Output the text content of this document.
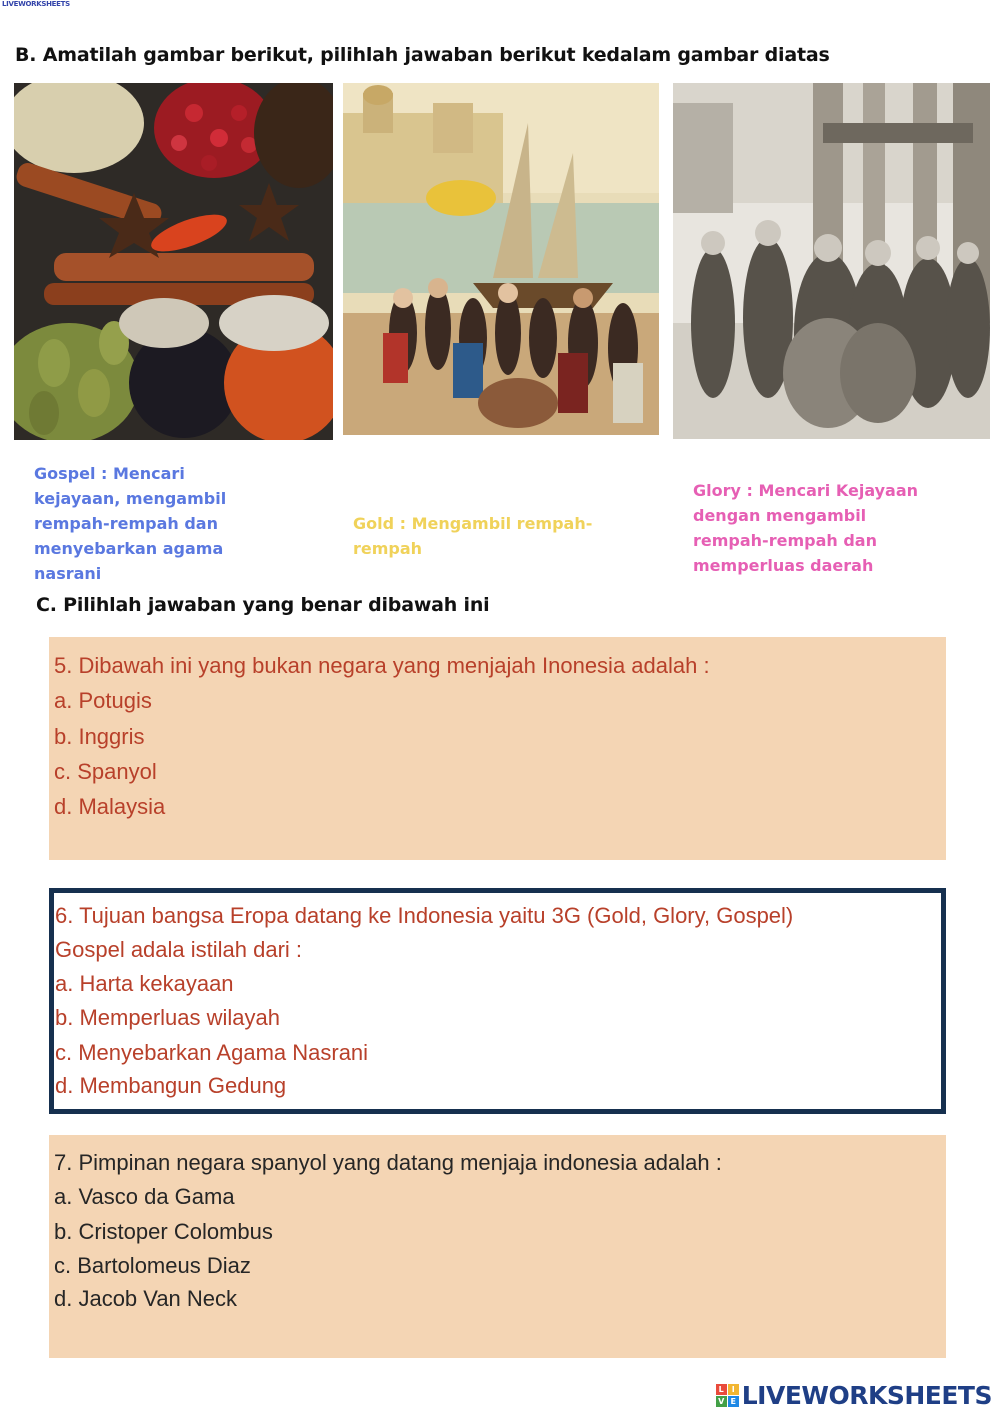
LIVEWORKSHEETS
B. Amatilah gambar berikut, pilihlah jawaban berikut kedalam gambar diatas
Gospel : Mencari kejayaan, mengambil rempah-rempah dan menyebarkan agama nasrani
Gold : Mengambil rempah-rempah
Glory : Mencari Kejayaan dengan mengambil rempah-rempah dan memperluas daerah
C. Pilihlah jawaban yang benar dibawah ini
5. Dibawah ini yang bukan negara yang menjajah Inonesia adalah :
a. Potugis
b. Inggris
c. Spanyol
d. Malaysia
6. Tujuan bangsa Eropa datang ke Indonesia yaitu 3G (Gold, Glory, Gospel)
Gospel adala istilah dari :
a. Harta kekayaan
b. Memperluas wilayah
c. Menyebarkan Agama Nasrani
d. Membangun Gedung
7. Pimpinan negara spanyol yang datang menjaja indonesia adalah :
a. Vasco da Gama
b. Cristoper Colombus
c. Bartolomeus Diaz
d. Jacob Van Neck
L I
V E LIVEWORKSHEETS
